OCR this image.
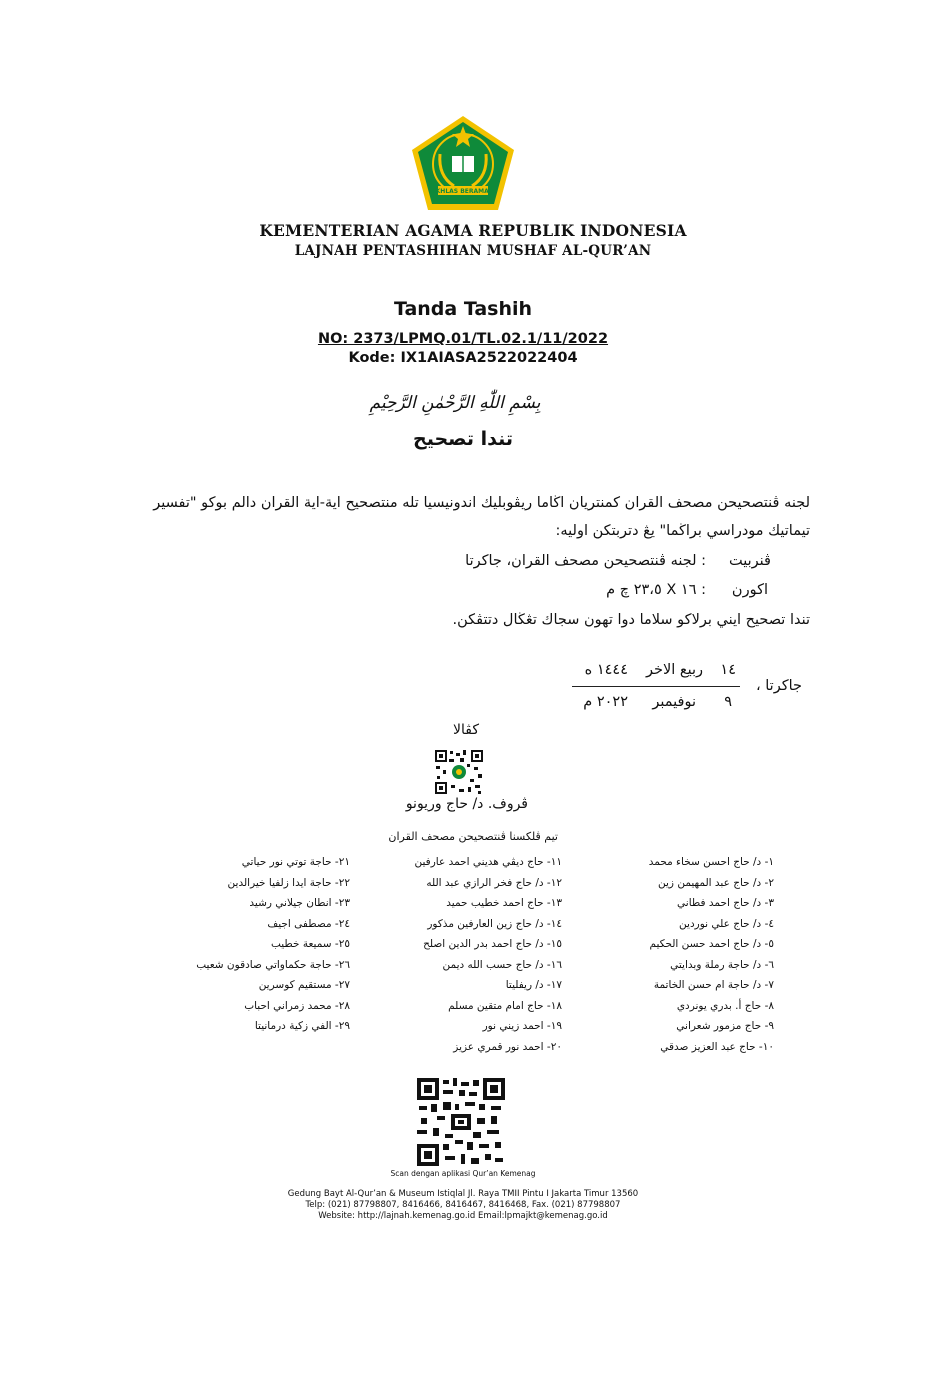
IKHLAS BERAMAL
KEMENTERIAN AGAMA REPUBLIK INDONESIA
LAJNAH PENTASHIHAN MUSHAF AL-QUR’AN
Tanda Tashih
NO: 2373/LPMQ.01/TL.02.1/11/2022
Kode: IX1AIASA2522022404
بِسْمِ اللّٰهِ الرَّحْمٰنِ الرَّحِيْمِ
تندا تصحيح
لجنه ڤنتصحيحن مصحف القران كمنتريان اڬاما ريڤوبليك اندونيسيا تله منتصحيح اية-اية القران دالم بوكو "تفسير
تيماتيك مودراسي براڬما" يڠ دتربتكن اوليه:
ڤنربيت
: لجنه ڤنتصحيحن مصحف القران، جاكرتا
اکورن
: ١٦ X ٢٣،٥ چ م
تندا تصحيح ايني برلاكو سلاما دوا تهون سجاك تڠڬال دتتڤكن.
جاكرتا ،
١٤
ربيع الاخر
١٤٤٤ ه
٩
نوفيمبر
٢٠٢٢ م
كڤالا
ڤروف. د/ حاج وريونو
تيم ڤلكسنا ڤنتصحيحن مصحف القران
١- د/ حاج احسن سخاء محمد
٢- د/ حاج عبد المهيمن زين
٣- د/ حاج احمد فطاني
٤- د/ حاج علي نوردين
٥- د/ حاج احمد حسن الحكيم
٦- د/ حاجة رملة وبدايتي
٧- د/ حاجة ام حسن الخاتمة
٨- حاج أ. بدري يونردي
٩- حاج مزمور شعراني
١٠- حاج عبد العزيز صدقي
١١- حاج ديڤي هديني احمد عارفين
١٢- د/ حاج فخر الرازي عبد الله
١٣- حاج احمد خطيب حميد
١٤- د/ حاج زين العارفين مذكور
١٥- د/ حاج احمد بدر الدين اصلح
١٦- د/ حاج حسب الله ديمن
١٧- د/ ريفليتا
١٨- حاج امام متقين مسلم
١٩- احمد زيني نور
٢٠- احمد نور قمري عزيز
٢١- حاجة توتي نور حياتي
٢٢- حاجة ايدا زلفيا خيرالدين
٢٣- انطان جيلاني رشيد
٢٤- مصطفى اجيف
٢٥- سميعة خطيب
٢٦- حاجة حكماواتي صادقون شعيب
٢٧- مستقيم كوسرين
٢٨- محمد زمراني احباب
٢٩- الفي زكية درمانيتا
Scan dengan aplikasi Qur’an Kemenag
Gedung Bayt Al-Qur’an & Museum Istiqlal Jl. Raya TMII Pintu I Jakarta Timur 13560
Telp: (021) 87798807, 8416466, 8416467, 8416468, Fax. (021) 87798807
Website: http://lajnah.kemenag.go.id Email:lpmajkt@kemenag.go.id
